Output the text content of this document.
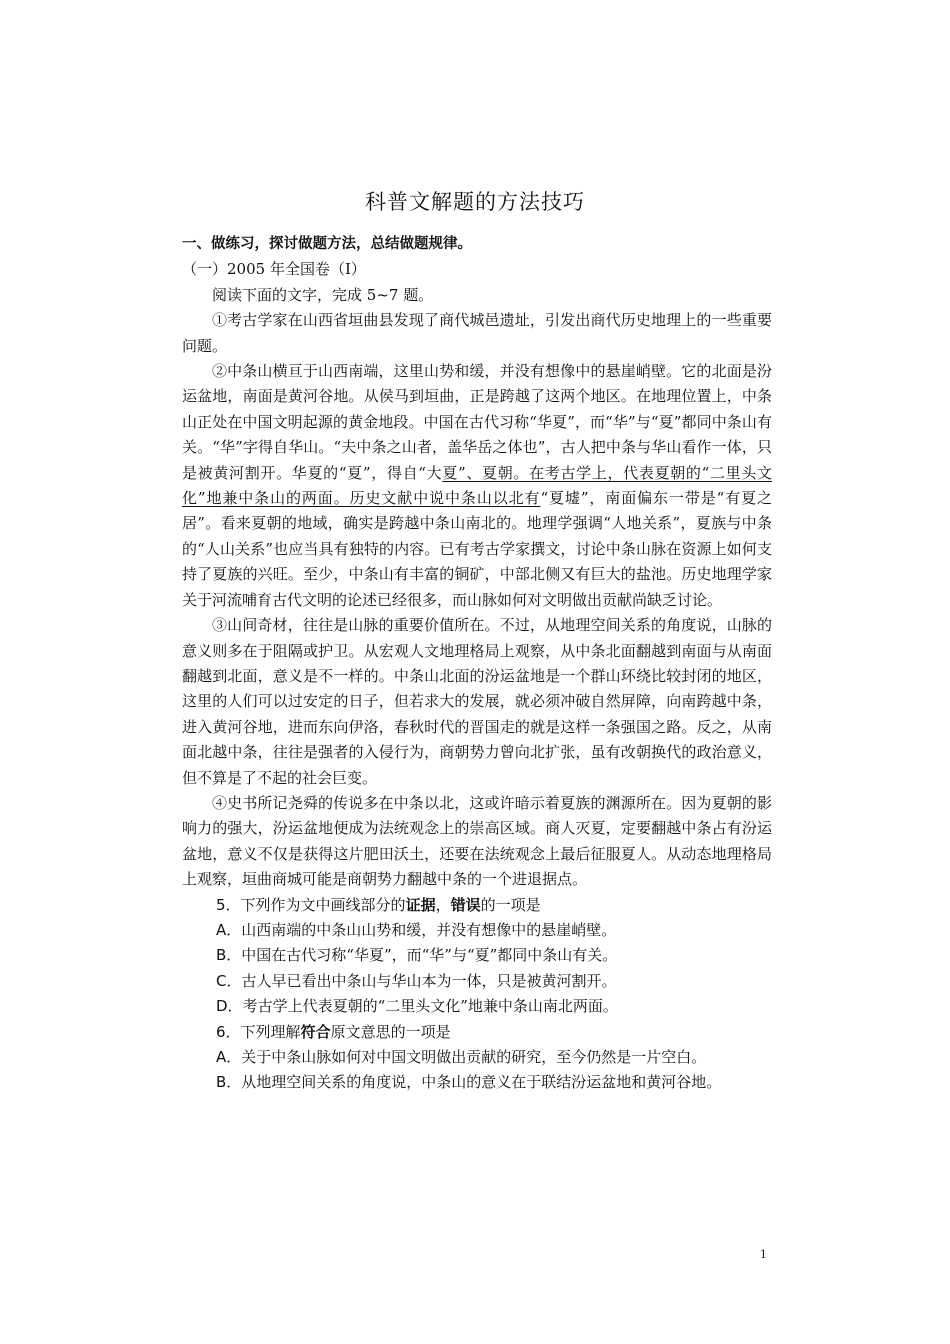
科普文解题的方法技巧

一、做练习，探讨做题方法，总结做题规律。

（一）2005 年全国卷（Ⅰ）

阅读下面的文字，完成 5~7 题。

①考古学家在山西省垣曲县发现了商代城邑遗址，引发出商代历史地理上的一些重要问题。

②中条山横亘于山西南端，这里山势和缓，并没有想像中的悬崖峭壁。它的北面是汾运盆地，南面是黄河谷地。从侯马到垣曲，正是跨越了这两个地区。在地理位置上，中条山正处在中国文明起源的黄金地段。中国在古代习称“华夏”，而“华”与“夏”都同中条山有关。“华”字得自华山。“夫中条之山者，盖华岳之体也”，古人把中条与华山看作一体，只是被黄河割开。华夏的“夏”，得自“大夏”、夏朝。在考古学上，代表夏朝的“二里头文化”地兼中条山的两面。历史文献中说中条山以北有“夏墟”，南面偏东一带是“有夏之居”。看来夏朝的地域，确实是跨越中条山南北的。地理学强调“人地关系”，夏族与中条的“人山关系”也应当具有独特的内容。已有考古学家撰文，讨论中条山脉在资源上如何支持了夏族的兴旺。至少，中条山有丰富的铜矿，中部北侧又有巨大的盐池。历史地理学家关于河流哺育古代文明的论述已经很多，而山脉如何对文明做出贡献尚缺乏讨论。

③山间奇材，往往是山脉的重要价值所在。不过，从地理空间关系的角度说，山脉的意义则多在于阻隔或护卫。从宏观人文地理格局上观察，从中条北面翻越到南面与从南面翻越到北面，意义是不一样的。中条山北面的汾运盆地是一个群山环绕比较封闭的地区，这里的人们可以过安定的日子，但若求大的发展，就必须冲破自然屏障，向南跨越中条，进入黄河谷地，进而东向伊洛，春秋时代的晋国走的就是这样一条强国之路。反之，从南面北越中条，往往是强者的入侵行为，商朝势力曾向北扩张，虽有改朝换代的政治意义，但不算是了不起的社会巨变。

④史书所记尧舜的传说多在中条以北，这或许暗示着夏族的渊源所在。因为夏朝的影响力的强大，汾运盆地便成为法统观念上的崇高区域。商人灭夏，定要翻越中条占有汾运盆地，意义不仅是获得这片肥田沃土，还要在法统观念上最后征服夏人。从动态地理格局上观察，垣曲商城可能是商朝势力翻越中条的一个进退据点。

5．下列作为文中画线部分的证据，错误的一项是

A．山西南端的中条山山势和缓，并没有想像中的悬崖峭壁。

B．中国在古代习称“华夏”，而“华”与“夏”都同中条山有关。

C．古人早已看出中条山与华山本为一体，只是被黄河割开。

D．考古学上代表夏朝的“二里头文化”地兼中条山南北两面。

6．下列理解符合原文意思的一项是

A．关于中条山脉如何对中国文明做出贡献的研究，至今仍然是一片空白。

B．从地理空间关系的角度说，中条山的意义在于联结汾运盆地和黄河谷地。

1
